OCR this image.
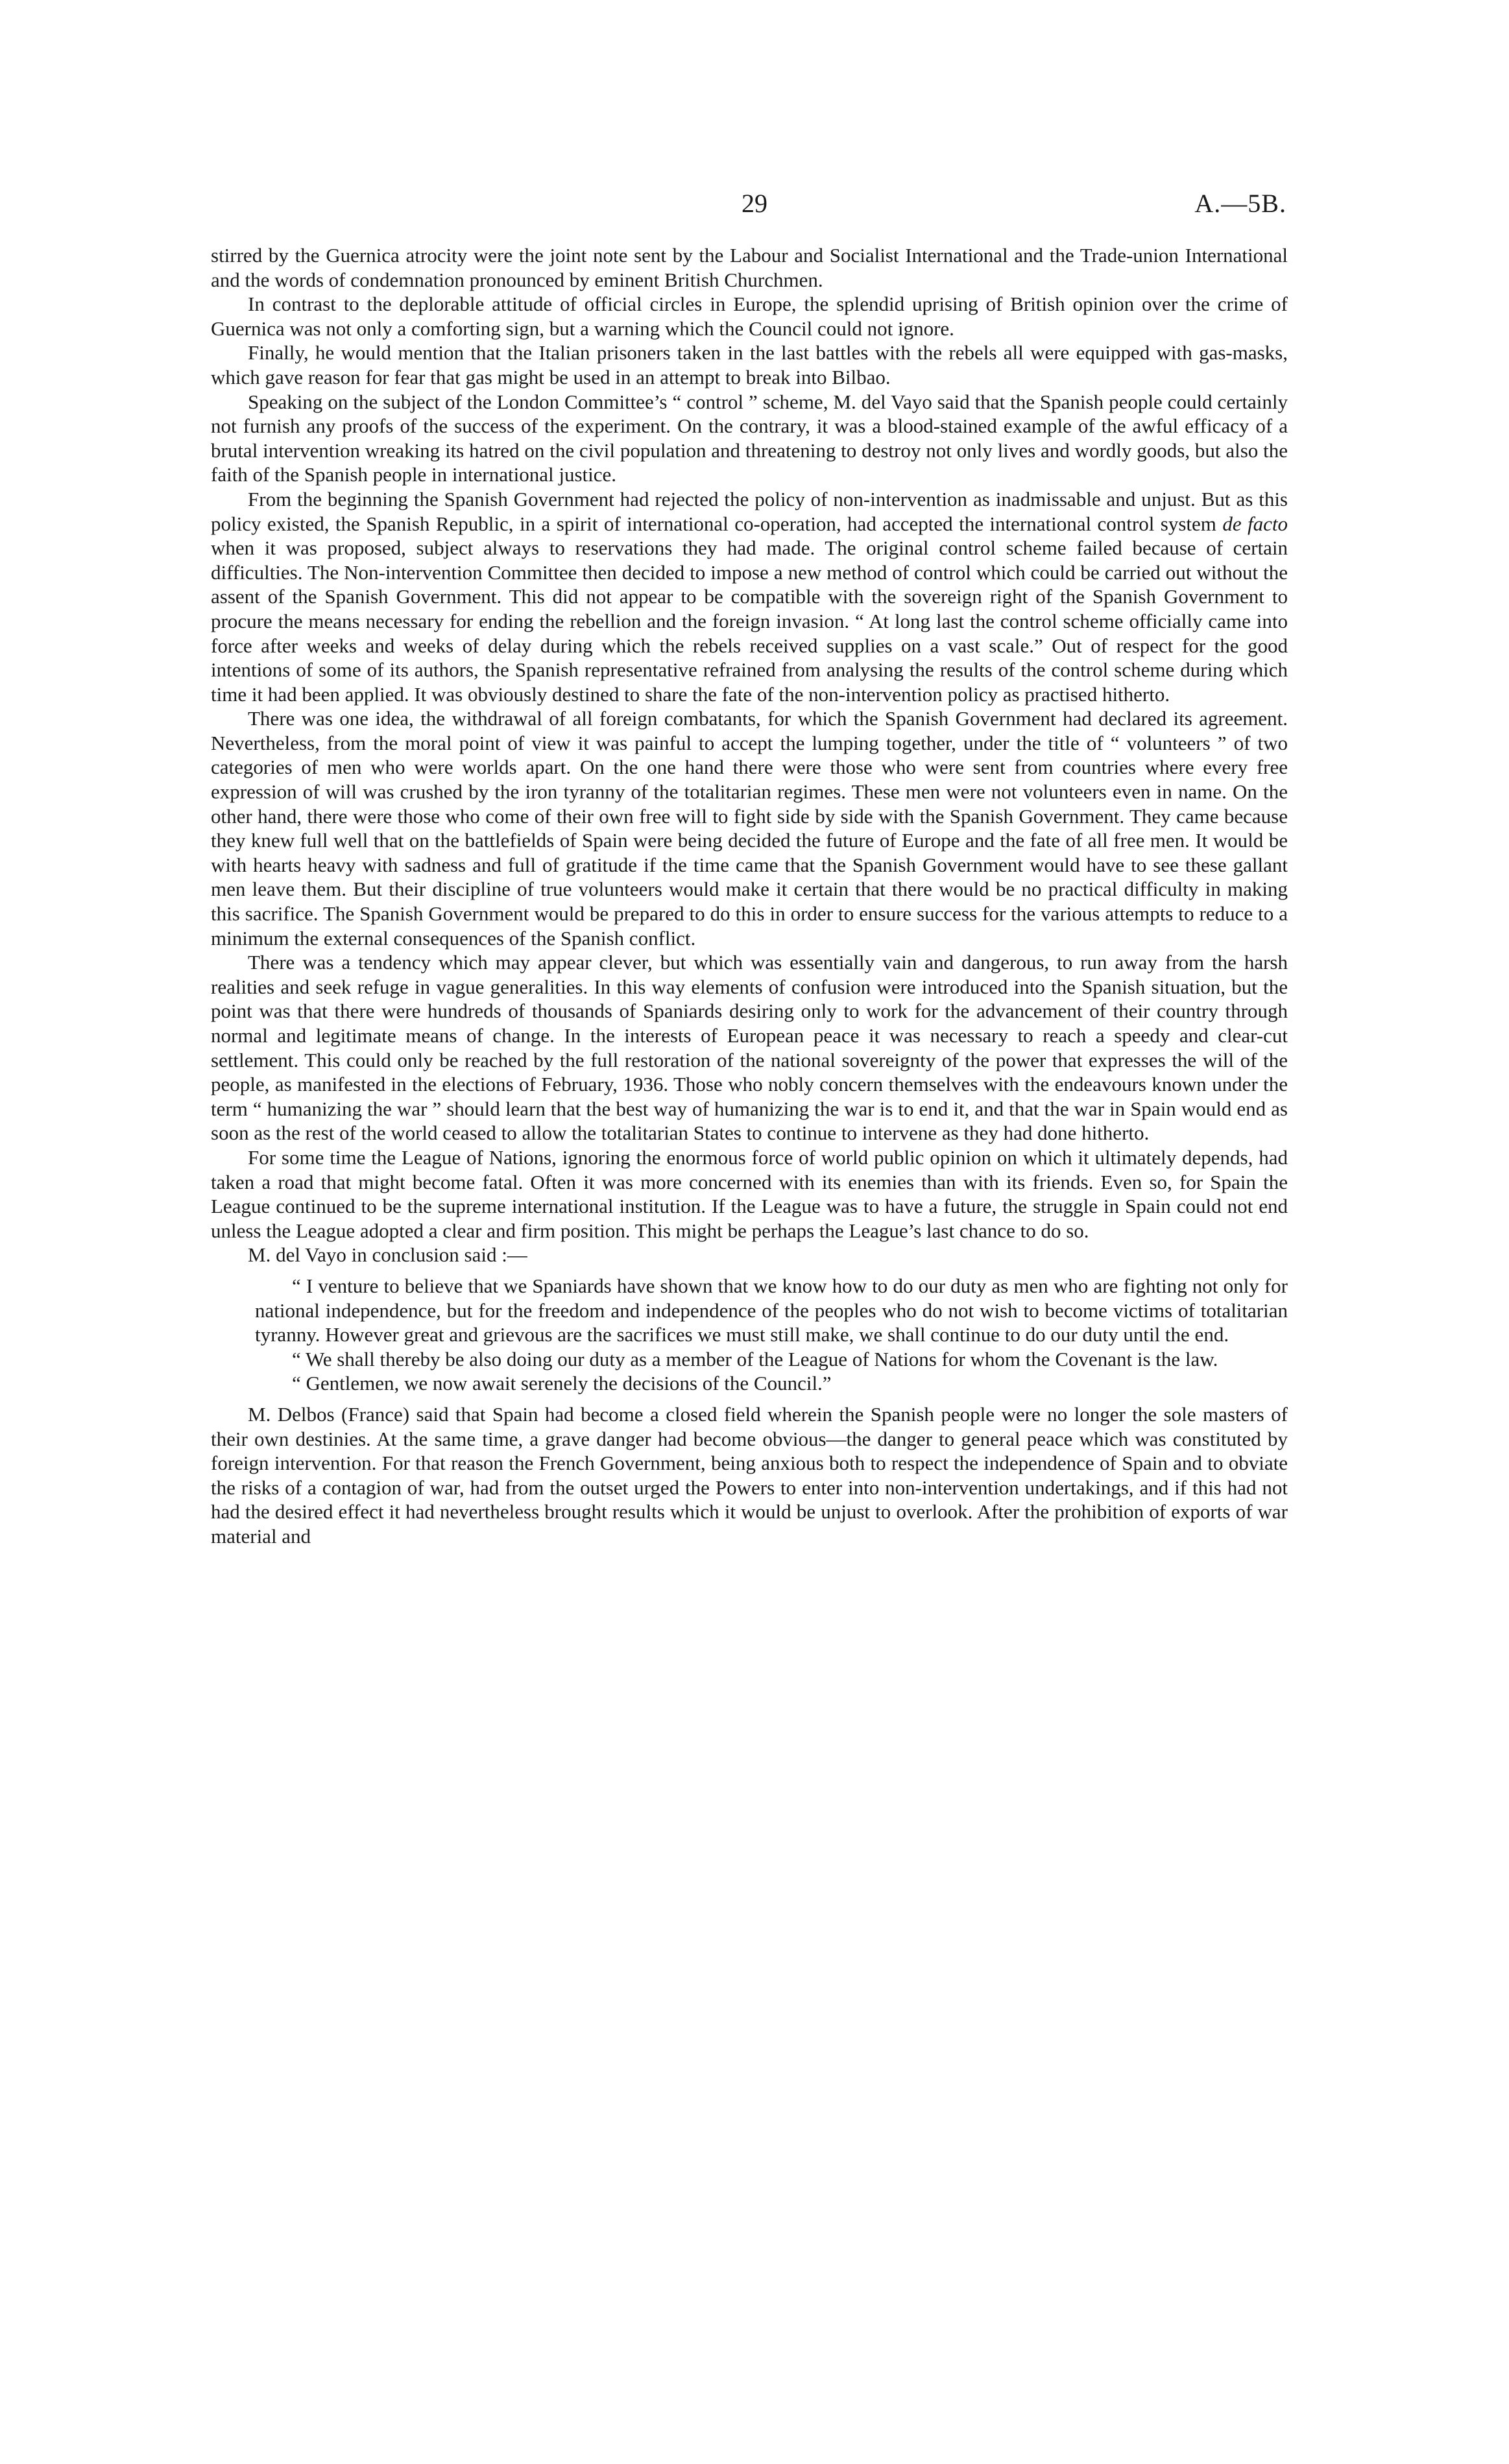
29	A.—5B.

stirred by the Guernica atrocity were the joint note sent by the Labour and Socialist International and the Trade-union International and the words of condemnation pronounced by eminent British Churchmen.

In contrast to the deplorable attitude of official circles in Europe, the splendid uprising of British opinion over the crime of Guernica was not only a comforting sign, but a warning which the Council could not ignore.

Finally, he would mention that the Italian prisoners taken in the last battles with the rebels all were equipped with gas-masks, which gave reason for fear that gas might be used in an attempt to break into Bilbao.

Speaking on the subject of the London Committee’s “ control ” scheme, M. del Vayo said that the Spanish people could certainly not furnish any proofs of the success of the experiment. On the contrary, it was a blood-stained example of the awful efficacy of a brutal intervention wreaking its hatred on the civil population and threatening to destroy not only lives and wordly goods, but also the faith of the Spanish people in international justice.

From the beginning the Spanish Government had rejected the policy of non-intervention as inadmissable and unjust. But as this policy existed, the Spanish Republic, in a spirit of international co-operation, had accepted the international control system de facto when it was proposed, subject always to reservations they had made. The original control scheme failed because of certain difficulties. The Non-intervention Committee then decided to impose a new method of control which could be carried out without the assent of the Spanish Government. This did not appear to be compatible with the sovereign right of the Spanish Government to procure the means necessary for ending the rebellion and the foreign invasion. “ At long last the control scheme officially came into force after weeks and weeks of delay during which the rebels received supplies on a vast scale.” Out of respect for the good intentions of some of its authors, the Spanish representative refrained from analysing the results of the control scheme during which time it had been applied. It was obviously destined to share the fate of the non-intervention policy as practised hitherto.

There was one idea, the withdrawal of all foreign combatants, for which the Spanish Government had declared its agreement. Nevertheless, from the moral point of view it was painful to accept the lumping together, under the title of “ volunteers ” of two categories of men who were worlds apart. On the one hand there were those who were sent from countries where every free expression of will was crushed by the iron tyranny of the totalitarian regimes. These men were not volunteers even in name. On the other hand, there were those who come of their own free will to fight side by side with the Spanish Government. They came because they knew full well that on the battlefields of Spain were being decided the future of Europe and the fate of all free men. It would be with hearts heavy with sadness and full of gratitude if the time came that the Spanish Government would have to see these gallant men leave them. But their discipline of true volunteers would make it certain that there would be no practical difficulty in making this sacrifice. The Spanish Government would be prepared to do this in order to ensure success for the various attempts to reduce to a minimum the external consequences of the Spanish conflict.

There was a tendency which may appear clever, but which was essentially vain and dangerous, to run away from the harsh realities and seek refuge in vague generalities. In this way elements of confusion were introduced into the Spanish situation, but the point was that there were hundreds of thousands of Spaniards desiring only to work for the advancement of their country through normal and legitimate means of change. In the interests of European peace it was necessary to reach a speedy and clear-cut settlement. This could only be reached by the full restoration of the national sovereignty of the power that expresses the will of the people, as manifested in the elections of February, 1936. Those who nobly concern themselves with the endeavours known under the term “ humanizing the war ” should learn that the best way of humanizing the war is to end it, and that the war in Spain would end as soon as the rest of the world ceased to allow the totalitarian States to continue to intervene as they had done hitherto.

For some time the League of Nations, ignoring the enormous force of world public opinion on which it ultimately depends, had taken a road that might become fatal. Often it was more concerned with its enemies than with its friends. Even so, for Spain the League continued to be the supreme international institution. If the League was to have a future, the struggle in Spain could not end unless the League adopted a clear and firm position. This might be perhaps the League’s last chance to do so.

M. del Vayo in conclusion said :—

“ I venture to believe that we Spaniards have shown that we know how to do our duty as men who are fighting not only for national independence, but for the freedom and independence of the peoples who do not wish to become victims of totalitarian tyranny. However great and grievous are the sacrifices we must still make, we shall continue to do our duty until the end.

“ We shall thereby be also doing our duty as a member of the League of Nations for whom the Covenant is the law.

“ Gentlemen, we now await serenely the decisions of the Council.”

M. Delbos (France) said that Spain had become a closed field wherein the Spanish people were no longer the sole masters of their own destinies. At the same time, a grave danger had become obvious—the danger to general peace which was constituted by foreign intervention. For that reason the French Government, being anxious both to respect the independence of Spain and to obviate the risks of a contagion of war, had from the outset urged the Powers to enter into non-intervention undertakings, and if this had not had the desired effect it had nevertheless brought results which it would be unjust to overlook. After the prohibition of exports of war material and
